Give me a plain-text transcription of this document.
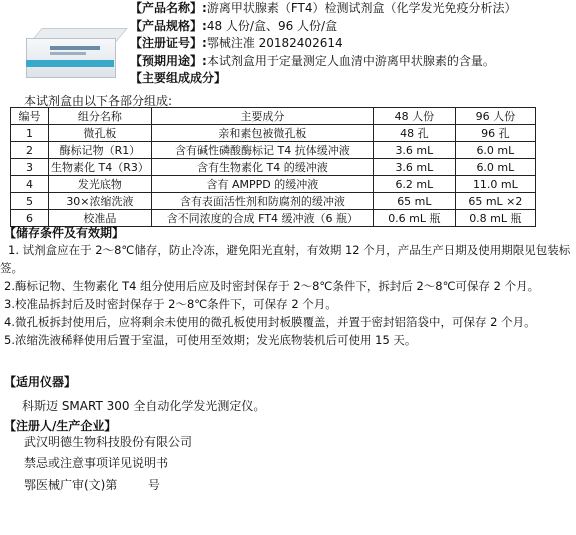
【产品名称】:游离甲状腺素（FT4）检测试剂盒（化学发光免疫分析法）
【产品规格】:48 人份/盒、96 人份/盒
【注册证号】:鄂械注准 20182402614
【预期用途】:本试剂盒用于定量测定人血清中游离甲状腺素的含量。
【主要组成成分】
本试剂盒由以下各部分组成:
编号	组分名称	主要成分	48 人份	96 人份
1	微孔板	亲和素包被微孔板	48 孔	96 孔
2	酶标记物（R1）	含有碱性磷酸酶标记 T4 抗体缓冲液	3.6 mL	6.0 mL
3	生物素化 T4（R3）	含有生物素化 T4 的缓冲液	3.6 mL	6.0 mL
4	发光底物	含有 AMPPD 的缓冲液	6.2 mL	11.0 mL
5	30×浓缩洗液	含有表面活性剂和防腐剂的缓冲液	65 mL	65 mL ×2
6	校准品	含不同浓度的合成 FT4 缓冲液（6 瓶）	0.6 mL 瓶	0.8 mL 瓶
【储存条件及有效期】

1. 试剂盒应在于 2～8℃储存，防止冷冻，避免阳光直射，有效期 12 个月，产品生产日期及使用期限见包装标签。

2.酶标记物、生物素化 T4 组分使用后应及时密封保存于 2～8℃条件下，拆封后 2～8℃可保存 2 个月。

3.校准品拆封后及时密封保存于 2～8℃条件下，可保存 2 个月。

4.微孔板拆封使用后，应将剩余未使用的微孔板使用封板膜覆盖，并置于密封铝箔袋中，可保存 2 个月。

5.浓缩洗液稀释使用后置于室温，可使用至效期；发光底物装机后可使用 15 天。

【适用仪器】
科斯迈 SMART 300 全自动化学发光测定仪。
【注册人/生产企业】
武汉明德生物科技股份有限公司
禁忌或注意事项详见说明书
鄂医械广审(文)第        号
